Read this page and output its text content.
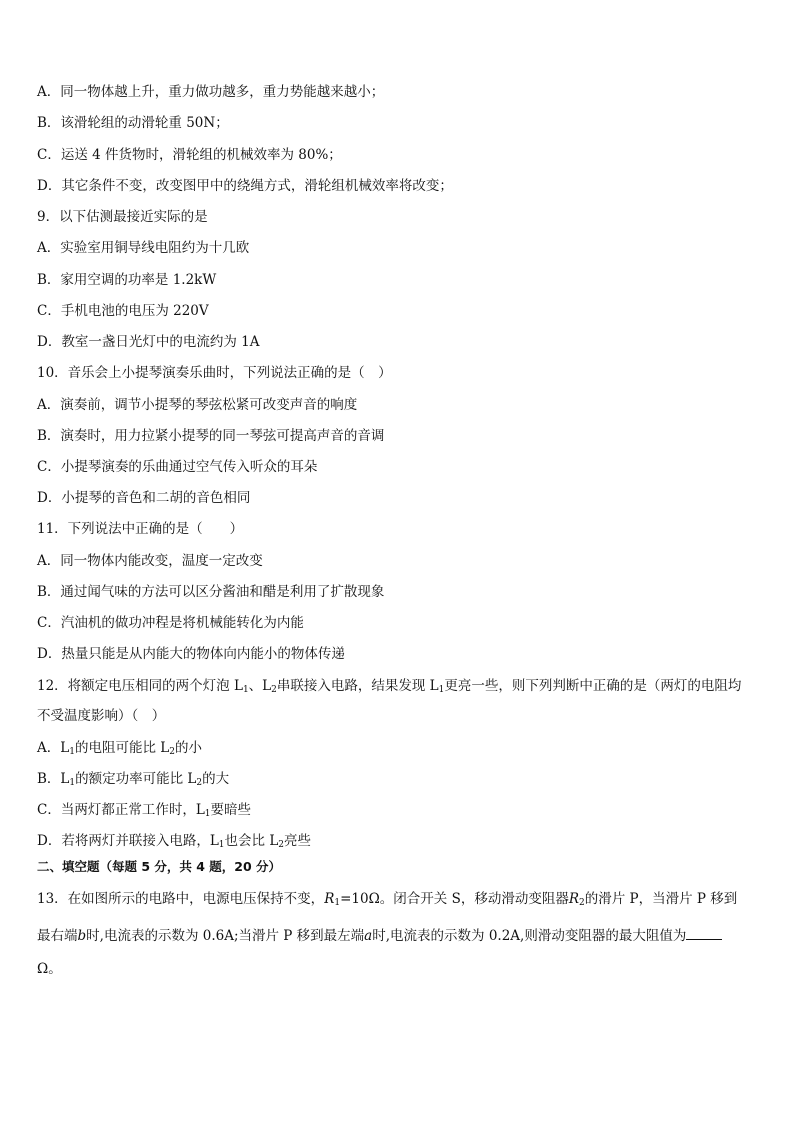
A．同一物体越上升，重力做功越多，重力势能越来越小；
B．该滑轮组的动滑轮重 50N；
C．运送 4 件货物时，滑轮组的机械效率为 80%；
D．其它条件不变，改变图甲中的绕绳方式，滑轮组机械效率将改变；
9．以下估测最接近实际的是
A．实验室用铜导线电阻约为十几欧
B．家用空调的功率是 1.2kW
C．手机电池的电压为 220V
D．教室一盏日光灯中的电流约为 1A
10．音乐会上小提琴演奏乐曲时，下列说法正确的是（　）
A．演奏前，调节小提琴的琴弦松紧可改变声音的响度
B．演奏时，用力拉紧小提琴的同一琴弦可提高声音的音调
C．小提琴演奏的乐曲通过空气传入听众的耳朵
D．小提琴的音色和二胡的音色相同
11．下列说法中正确的是（　　）
A．同一物体内能改变，温度一定改变
B．通过闻气味的方法可以区分酱油和醋是利用了扩散现象
C．汽油机的做功冲程是将机械能转化为内能
D．热量只能是从内能大的物体向内能小的物体传递
12．将额定电压相同的两个灯泡 $L_1$、$L_2$串联接入电路，结果发现 $L_1$更亮一些，则下列判断中正确的是（两灯的电阻均
不受温度影响）（　）
A．$L_1$的电阻可能比 $L_2$的小
B．$L_1$的额定功率可能比 $L_2$的大
C．当两灯都正常工作时，$L_1$要暗些
D．若将两灯并联接入电路，$L_1$也会比 $L_2$亮些
二、填空题（每题 5 分，共 4 题，20 分）
13．在如图所示的电路中，电源电压保持不变，$R_1=10\Omega$。闭合开关 S，移动滑动变阻器$R_2$的滑片 P，当滑片 P 移到
最右端b时,电流表的示数为 0.6A;当滑片 P 移到最左端a时,电流表的示数为 0.2A,则滑动变阻器的最大阻值为
Ω。
